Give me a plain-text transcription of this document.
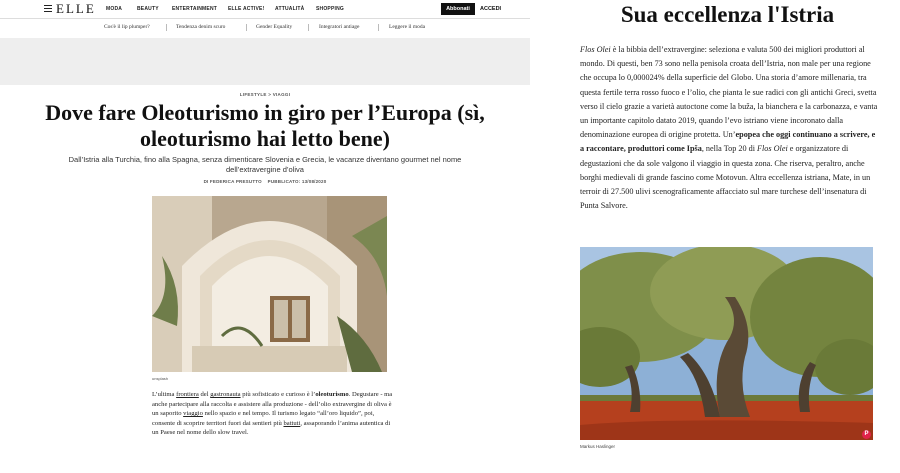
ELLE MODA	BEAUTY	ENTERTAINMENT ELLE ACTIVE! ATTUALITÀ SHOPPING	Abbonati	ACCEDI
Cos'è il lip plumper?	Tendenza denim scuro	Gender Equality	Integratori antiage	Leggere il moda
LIFESTYLE > VIAGGI
Dove fare Oleoturismo in giro per l’Europa (sì, oleoturismo hai letto bene)

Dall’Istria alla Turchia, fino alla Spagna, senza dimenticare Slovenia e Grecia, le vacanze diventano gourmet nel nome dell’extravergine d’oliva

DI FEDERICA PRESUTTO PUBBLICATO: 13/08/2020
unsplash

L’ultima frontiera del gastronauta più sofisticato e curioso è l’oleoturismo. Degustare - ma anche partecipare alla raccolta e assistere alla produzione - dell’olio extravergine di oliva è un saporito viaggio nello spazio e nel tempo. Il turismo legato “all’oro liquido”, poi, consente di scoprire territori fuori dai sentieri più battuti, assaporando l’anima autentica di un Paese nel nome dello slow travel.

Sua eccellenza l'Istria

Flos Olei è la bibbia dell’extravergine: seleziona e valuta 500 dei migliori produttori al mondo. Di questi, ben 73 sono nella penisola croata dell’Istria, non male per una regione che occupa lo 0,000024% della superficie del Globo. Una storia d’amore millenaria, tra questa fertile terra rosso fuoco e l’olio, che pianta le sue radici con gli antichi Greci, svetta verso il cielo grazie a varietà autoctone come la buža, la bianchera e la carbonazza, e vanta un importante capitolo datato 2019, quando l’evo istriano viene incoronato dalla denominazione europea di origine protetta. Un’epopea che oggi continuano a scrivere, e a raccontare, produttori come Ipša, nella Top 20 di Flos Olei e organizzatore di degustazioni che da sole valgono il viaggio in questa zona. Che riserva, peraltro, anche borghi medievali di grande fascino come Motovun. Altra eccellenza istriana, Mate, in un terroir di 27.500 ulivi scenograficamente affacciato sul mare turchese dell’insenatura di Punta Salvore.

Markus Haslinger
P
